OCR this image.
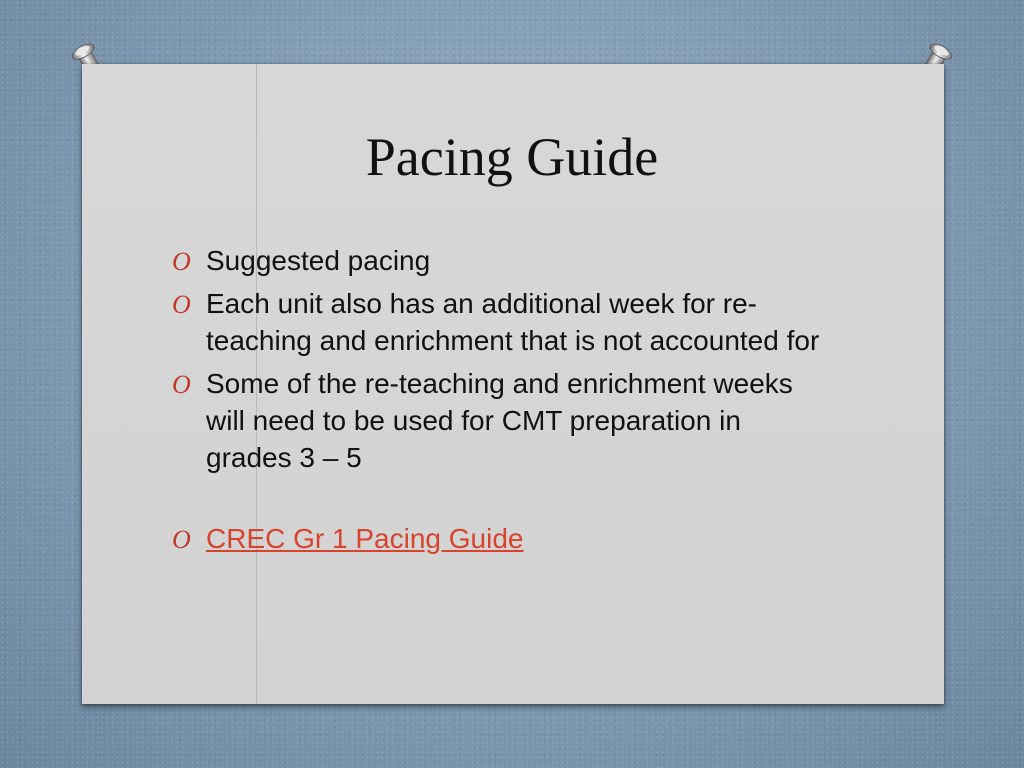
Pacing Guide
O Suggested pacing
O Each unit also has an additional week for re-teaching and enrichment that is not accounted for
O Some of the re-teaching and enrichment weeks will need to be used for CMT preparation in grades 3 – 5
O CREC Gr 1 Pacing Guide
